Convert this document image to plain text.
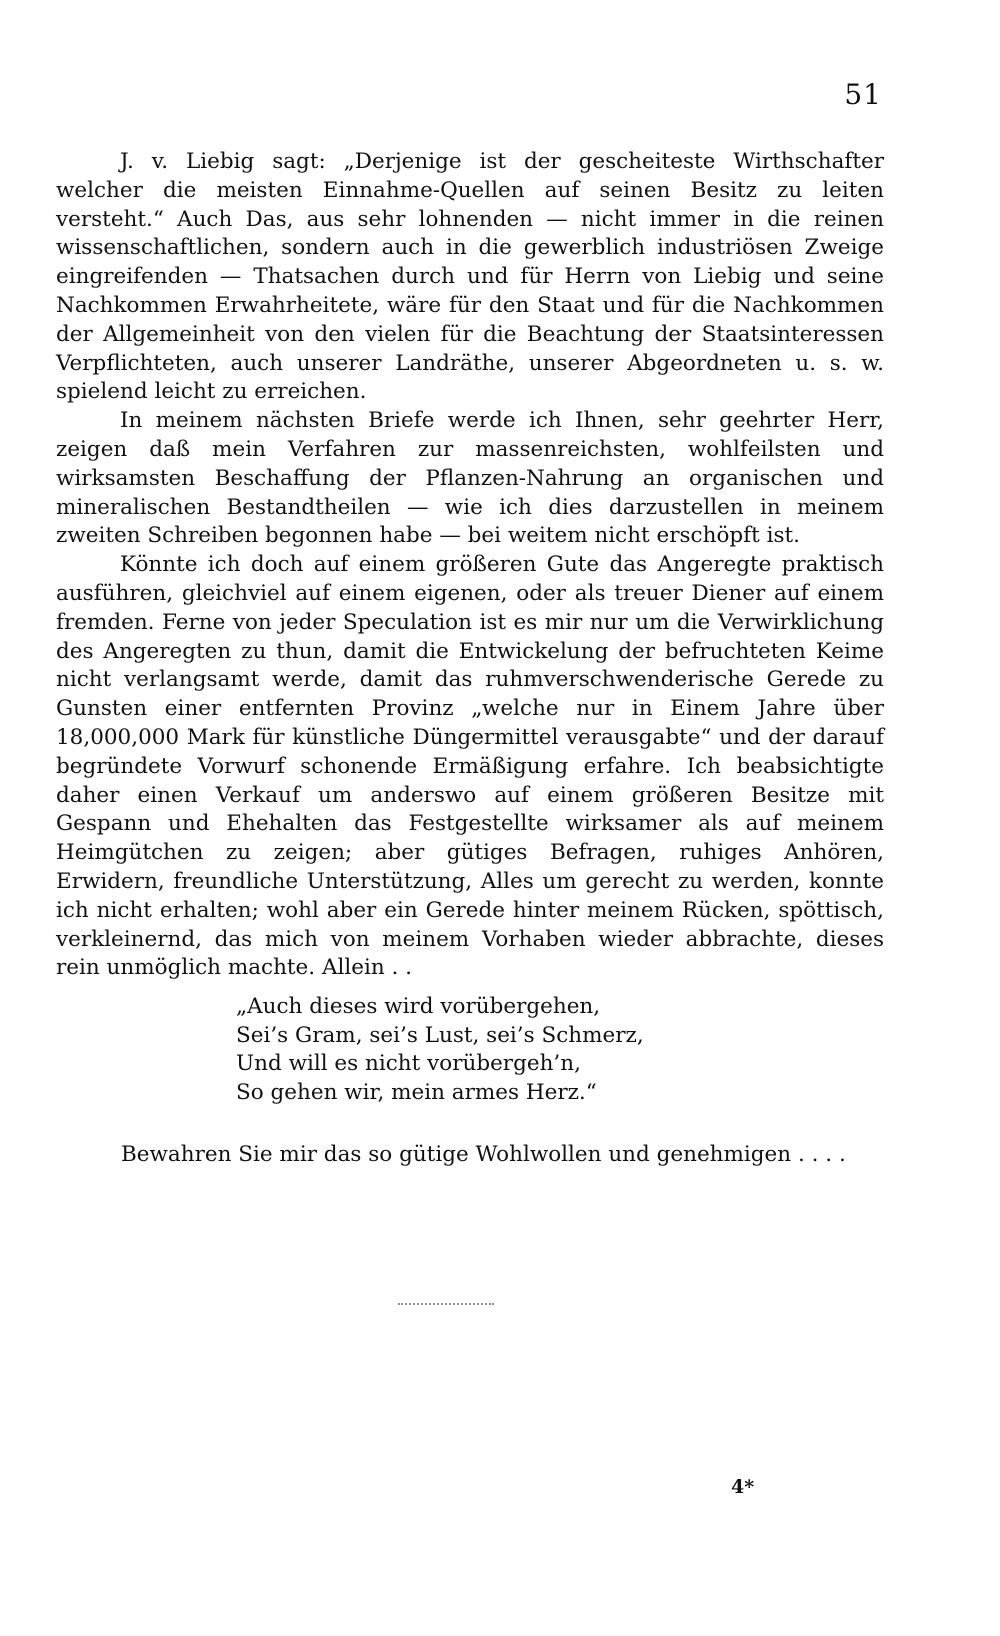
51

J. v. Liebig sagt: „Derjenige ist der gescheiteste Wirthschafter welcher die meisten Einnahme-Quellen auf seinen Besitz zu leiten versteht.“ Auch Das, aus sehr lohnenden — nicht immer in die reinen wissenschaftlichen, sondern auch in die gewerblich industriösen Zweige eingreifenden — Thatsachen durch und für Herrn von Liebig und seine Nachkommen Erwahrheitete, wäre für den Staat und für die Nachkommen der Allgemeinheit von den vielen für die Beachtung der Staatsinteressen Verpflichteten, auch unserer Landräthe, unserer Abgeordneten u. s. w. spielend leicht zu erreichen.

In meinem nächsten Briefe werde ich Ihnen, sehr geehrter Herr, zeigen daß mein Verfahren zur massenreichsten, wohlfeilsten und wirksamsten Beschaffung der Pflanzen-Nahrung an organischen und mineralischen Bestandtheilen — wie ich dies darzustellen in meinem zweiten Schreiben begonnen habe — bei weitem nicht erschöpft ist.

Könnte ich doch auf einem größeren Gute das Angeregte praktisch ausführen, gleichviel auf einem eigenen, oder als treuer Diener auf einem fremden. Ferne von jeder Speculation ist es mir nur um die Verwirklichung des Angeregten zu thun, damit die Entwickelung der befruchteten Keime nicht verlangsamt werde, damit das ruhmverschwenderische Gerede zu Gunsten einer entfernten Provinz „welche nur in Einem Jahre über 18,000,000 Mark für künstliche Düngermittel verausgabte“ und der darauf begründete Vorwurf schonende Ermäßigung erfahre. Ich beabsichtigte daher einen Verkauf um anderswo auf einem größeren Besitze mit Gespann und Ehehalten das Festgestellte wirksamer als auf meinem Heimgütchen zu zeigen; aber gütiges Befragen, ruhiges Anhören, Erwidern, freundliche Unterstützung, Alles um gerecht zu werden, konnte ich nicht erhalten; wohl aber ein Gerede hinter meinem Rücken, spöttisch, verkleinernd, das mich von meinem Vorhaben wieder abbrachte, dieses rein unmöglich machte. Allein . .

„Auch dieses wird vorübergehen,
Sei’s Gram, sei’s Lust, sei’s Schmerz,
Und will es nicht vorübergeh’n,
So gehen wir, mein armes Herz.“
Bewahren Sie mir das so gütige Wohlwollen und genehmigen . . . .
4*
